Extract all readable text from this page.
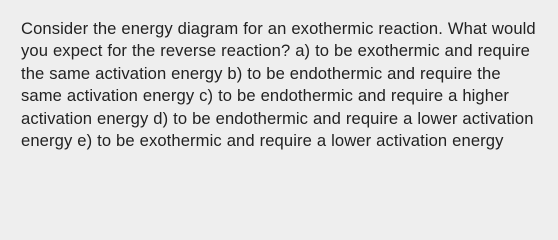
Consider the energy diagram for an exothermic reaction. What would you expect for the reverse reaction? a) to be exothermic and require the same activation energy b) to be endothermic and require the same activation energy c) to be endothermic and require a higher activation energy d) to be endothermic and require a lower activation energy e) to be exothermic and require a lower activation energy
